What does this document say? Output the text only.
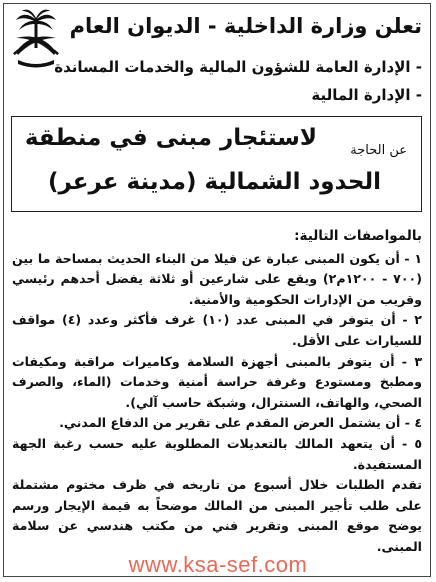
تعلن وزارة الداخلية - الديوان العام
- الإدارة العامة للشؤون المالية والخدمات المساندة
- الإدارة المالية
عن الحاجة
لاستئجار مبنى في منطقة
الحدود الشمالية (مدينة عرعر)

بالمواصفات التالية:

١ - أن يكون المبنى عبارة عن فيلا من البناء الحديث بمساحة ما بين (٧٠٠ - ١٢٠٠م٢) ويقع على شارعين أو ثلاثة يفضل أحدهم رئيسي وقريب من الإدارات الحكومية والأمنية.

٢ - أن يتوفر في المبنى عدد (١٠) غرف فأكثر وعدد (٤) مواقف للسيارات على الأقل.

٣ - أن يتوفر بالمبنى أجهزة السلامة وكاميرات مراقبة ومكيفات ومطبخ ومستودع وغرفة حراسة أمنية وخدمات (الماء، والصرف الصحي، والهاتف، السنترال، وشبكة حاسب آلي).

٤ - أن يشتمل العرض المقدم على تقرير من الدفاع المدني.

٥ - أن يتعهد المالك بالتعديلات المطلوبة عليه حسب رغبة الجهة المستفيدة.

تقدم الطلبات خلال أسبوع من تاريخه في ظرف مختوم مشتملة على طلب تأجير المبنى من المالك موضحاً به قيمة الإيجار ورسم يوضح موقع المبنى وتقرير فني من مكتب هندسي عن سلامة المبنى.

www.ksa-sef.com
